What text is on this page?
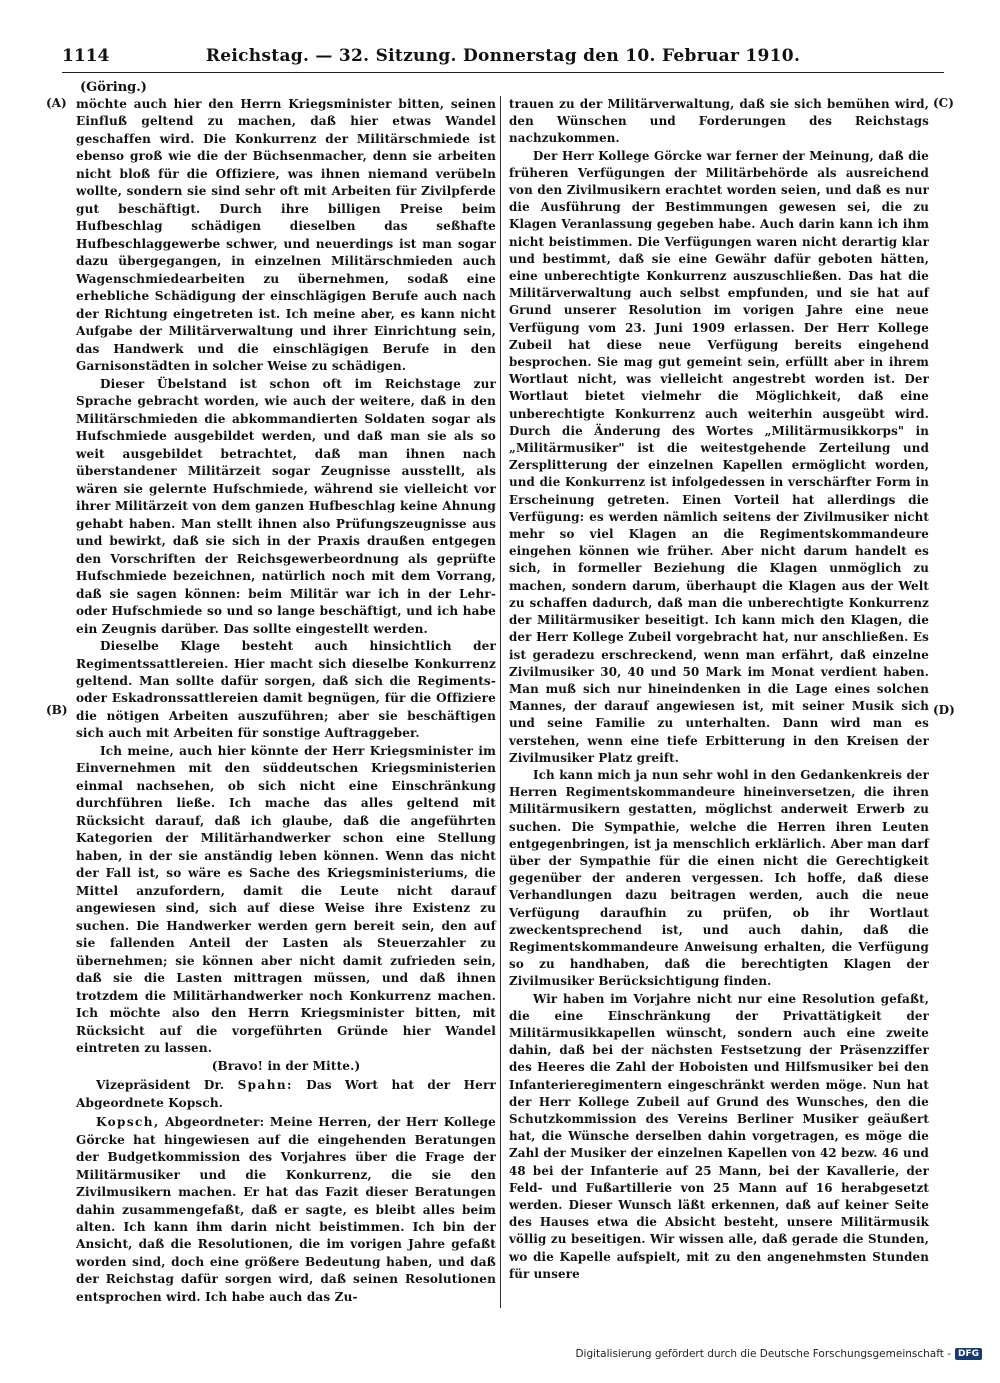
1114	Reichstag. — 32. Sitzung. Donnerstag den 10. Februar 1910.
(Göring.)
(A)
(B)
(C)
(D)

möchte auch hier den Herrn Kriegsminister bitten, seinen Einfluß geltend zu machen, daß hier etwas Wandel geschaffen wird. Die Konkurrenz der Militärschmiede ist ebenso groß wie die der Büchsenmacher, denn sie arbeiten nicht bloß für die Offiziere, was ihnen niemand verübeln wollte, sondern sie sind sehr oft mit Arbeiten für Zivilpferde gut beschäftigt. Durch ihre billigen Preise beim Hufbeschlag schädigen dieselben das seßhafte Hufbeschlaggewerbe schwer, und neuerdings ist man sogar dazu übergegangen, in einzelnen Militärschmieden auch Wagenschmiedearbeiten zu übernehmen, sodaß eine erhebliche Schädigung der einschlägigen Berufe auch nach der Richtung eingetreten ist. Ich meine aber, es kann nicht Aufgabe der Militärverwaltung und ihrer Einrichtung sein, das Handwerk und die einschlägigen Berufe in den Garnisonstädten in solcher Weise zu schädigen.

Dieser Übelstand ist schon oft im Reichstage zur Sprache gebracht worden, wie auch der weitere, daß in den Militärschmieden die abkommandierten Soldaten sogar als Hufschmiede ausgebildet werden, und daß man sie als so weit ausgebildet betrachtet, daß man ihnen nach überstandener Militärzeit sogar Zeugnisse ausstellt, als wären sie gelernte Hufschmiede, während sie vielleicht vor ihrer Militärzeit von dem ganzen Hufbeschlag keine Ahnung gehabt haben. Man stellt ihnen also Prüfungszeugnisse aus und bewirkt, daß sie sich in der Praxis draußen entgegen den Vorschriften der Reichsgewerbeordnung als geprüfte Hufschmiede bezeichnen, natürlich noch mit dem Vorrang, daß sie sagen können: beim Militär war ich in der Lehr- oder Hufschmiede so und so lange beschäftigt, und ich habe ein Zeugnis darüber. Das sollte eingestellt werden.

Dieselbe Klage besteht auch hinsichtlich der Regimentssattlereien. Hier macht sich dieselbe Konkurrenz geltend. Man sollte dafür sorgen, daß sich die Regiments- oder Eskadronssattlereien damit begnügen, für die Offiziere die nötigen Arbeiten auszuführen; aber sie beschäftigen sich auch mit Arbeiten für sonstige Auftraggeber.

Ich meine, auch hier könnte der Herr Kriegsminister im Einvernehmen mit den süddeutschen Kriegsministerien einmal nachsehen, ob sich nicht eine Einschränkung durchführen ließe. Ich mache das alles geltend mit Rücksicht darauf, daß ich glaube, daß die angeführten Kategorien der Militärhandwerker schon eine Stellung haben, in der sie anständig leben können. Wenn das nicht der Fall ist, so wäre es Sache des Kriegsministeriums, die Mittel anzufordern, damit die Leute nicht darauf angewiesen sind, sich auf diese Weise ihre Existenz zu suchen. Die Handwerker werden gern bereit sein, den auf sie fallenden Anteil der Lasten als Steuerzahler zu übernehmen; sie können aber nicht damit zufrieden sein, daß sie die Lasten mittragen müssen, und daß ihnen trotzdem die Militärhandwerker noch Konkurrenz machen. Ich möchte also den Herrn Kriegsminister bitten, mit Rücksicht auf die vorgeführten Gründe hier Wandel eintreten zu lassen.

(Bravo! in der Mitte.)

Vizepräsident Dr. Spahn: Das Wort hat der Herr Abgeordnete Kopsch.

Kopsch, Abgeordneter: Meine Herren, der Herr Kollege Görcke hat hingewiesen auf die eingehenden Beratungen der Budgetkommission des Vorjahres über die Frage der Militärmusiker und die Konkurrenz, die sie den Zivilmusikern machen. Er hat das Fazit dieser Beratungen dahin zusammengefaßt, daß er sagte, es bleibt alles beim alten. Ich kann ihm darin nicht beistimmen. Ich bin der Ansicht, daß die Resolutionen, die im vorigen Jahre gefaßt worden sind, doch eine größere Bedeutung haben, und daß der Reichstag dafür sorgen wird, daß seinen Resolutionen entsprochen wird. Ich habe auch das Zu-

trauen zu der Militärverwaltung, daß sie sich bemühen wird, den Wünschen und Forderungen des Reichstags nachzukommen.

Der Herr Kollege Görcke war ferner der Meinung, daß die früheren Verfügungen der Militärbehörde als ausreichend von den Zivilmusikern erachtet worden seien, und daß es nur die Ausführung der Bestimmungen gewesen sei, die zu Klagen Veranlassung gegeben habe. Auch darin kann ich ihm nicht beistimmen. Die Verfügungen waren nicht derartig klar und bestimmt, daß sie eine Gewähr dafür geboten hätten, eine unberechtigte Konkurrenz auszuschließen. Das hat die Militärverwaltung auch selbst empfunden, und sie hat auf Grund unserer Resolution im vorigen Jahre eine neue Verfügung vom 23. Juni 1909 erlassen. Der Herr Kollege Zubeil hat diese neue Verfügung bereits eingehend besprochen. Sie mag gut gemeint sein, erfüllt aber in ihrem Wortlaut nicht, was vielleicht angestrebt worden ist. Der Wortlaut bietet vielmehr die Möglichkeit, daß eine unberechtigte Konkurrenz auch weiterhin ausgeübt wird. Durch die Änderung des Wortes „Militärmusikkorps" in „Militärmusiker" ist die weitestgehende Zerteilung und Zersplitterung der einzelnen Kapellen ermöglicht worden, und die Konkurrenz ist infolgedessen in verschärfter Form in Erscheinung getreten. Einen Vorteil hat allerdings die Verfügung: es werden nämlich seitens der Zivilmusiker nicht mehr so viel Klagen an die Regimentskommandeure eingehen können wie früher. Aber nicht darum handelt es sich, in formeller Beziehung die Klagen unmöglich zu machen, sondern darum, überhaupt die Klagen aus der Welt zu schaffen dadurch, daß man die unberechtigte Konkurrenz der Militärmusiker beseitigt. Ich kann mich den Klagen, die der Herr Kollege Zubeil vorgebracht hat, nur anschließen. Es ist geradezu erschreckend, wenn man erfährt, daß einzelne Zivilmusiker 30, 40 und 50 Mark im Monat verdient haben. Man muß sich nur hineindenken in die Lage eines solchen Mannes, der darauf angewiesen ist, mit seiner Musik sich und seine Familie zu unterhalten. Dann wird man es verstehen, wenn eine tiefe Erbitterung in den Kreisen der Zivilmusiker Platz greift.

Ich kann mich ja nun sehr wohl in den Gedankenkreis der Herren Regimentskommandeure hineinversetzen, die ihren Militärmusikern gestatten, möglichst anderweit Erwerb zu suchen. Die Sympathie, welche die Herren ihren Leuten entgegenbringen, ist ja menschlich erklärlich. Aber man darf über der Sympathie für die einen nicht die Gerechtigkeit gegenüber der anderen vergessen. Ich hoffe, daß diese Verhandlungen dazu beitragen werden, auch die neue Verfügung daraufhin zu prüfen, ob ihr Wortlaut zweckentsprechend ist, und auch dahin, daß die Regimentskommandeure Anweisung erhalten, die Verfügung so zu handhaben, daß die berechtigten Klagen der Zivilmusiker Berücksichtigung finden.

Wir haben im Vorjahre nicht nur eine Resolution gefaßt, die eine Einschränkung der Privattätigkeit der Militärmusikkapellen wünscht, sondern auch eine zweite dahin, daß bei der nächsten Festsetzung der Präsenzziffer des Heeres die Zahl der Hoboisten und Hilfsmusiker bei den Infanterieregimentern eingeschränkt werden möge. Nun hat der Herr Kollege Zubeil auf Grund des Wunsches, den die Schutzkommission des Vereins Berliner Musiker geäußert hat, die Wünsche derselben dahin vorgetragen, es möge die Zahl der Musiker der einzelnen Kapellen von 42 bezw. 46 und 48 bei der Infanterie auf 25 Mann, bei der Kavallerie, der Feld- und Fußartillerie von 25 Mann auf 16 herabgesetzt werden. Dieser Wunsch läßt erkennen, daß auf keiner Seite des Hauses etwa die Absicht besteht, unsere Militärmusik völlig zu beseitigen. Wir wissen alle, daß gerade die Stunden, wo die Kapelle aufspielt, mit zu den angenehmsten Stunden für unsere

Digitalisierung gefördert durch die Deutsche Forschungsgemeinschaft - DFG
